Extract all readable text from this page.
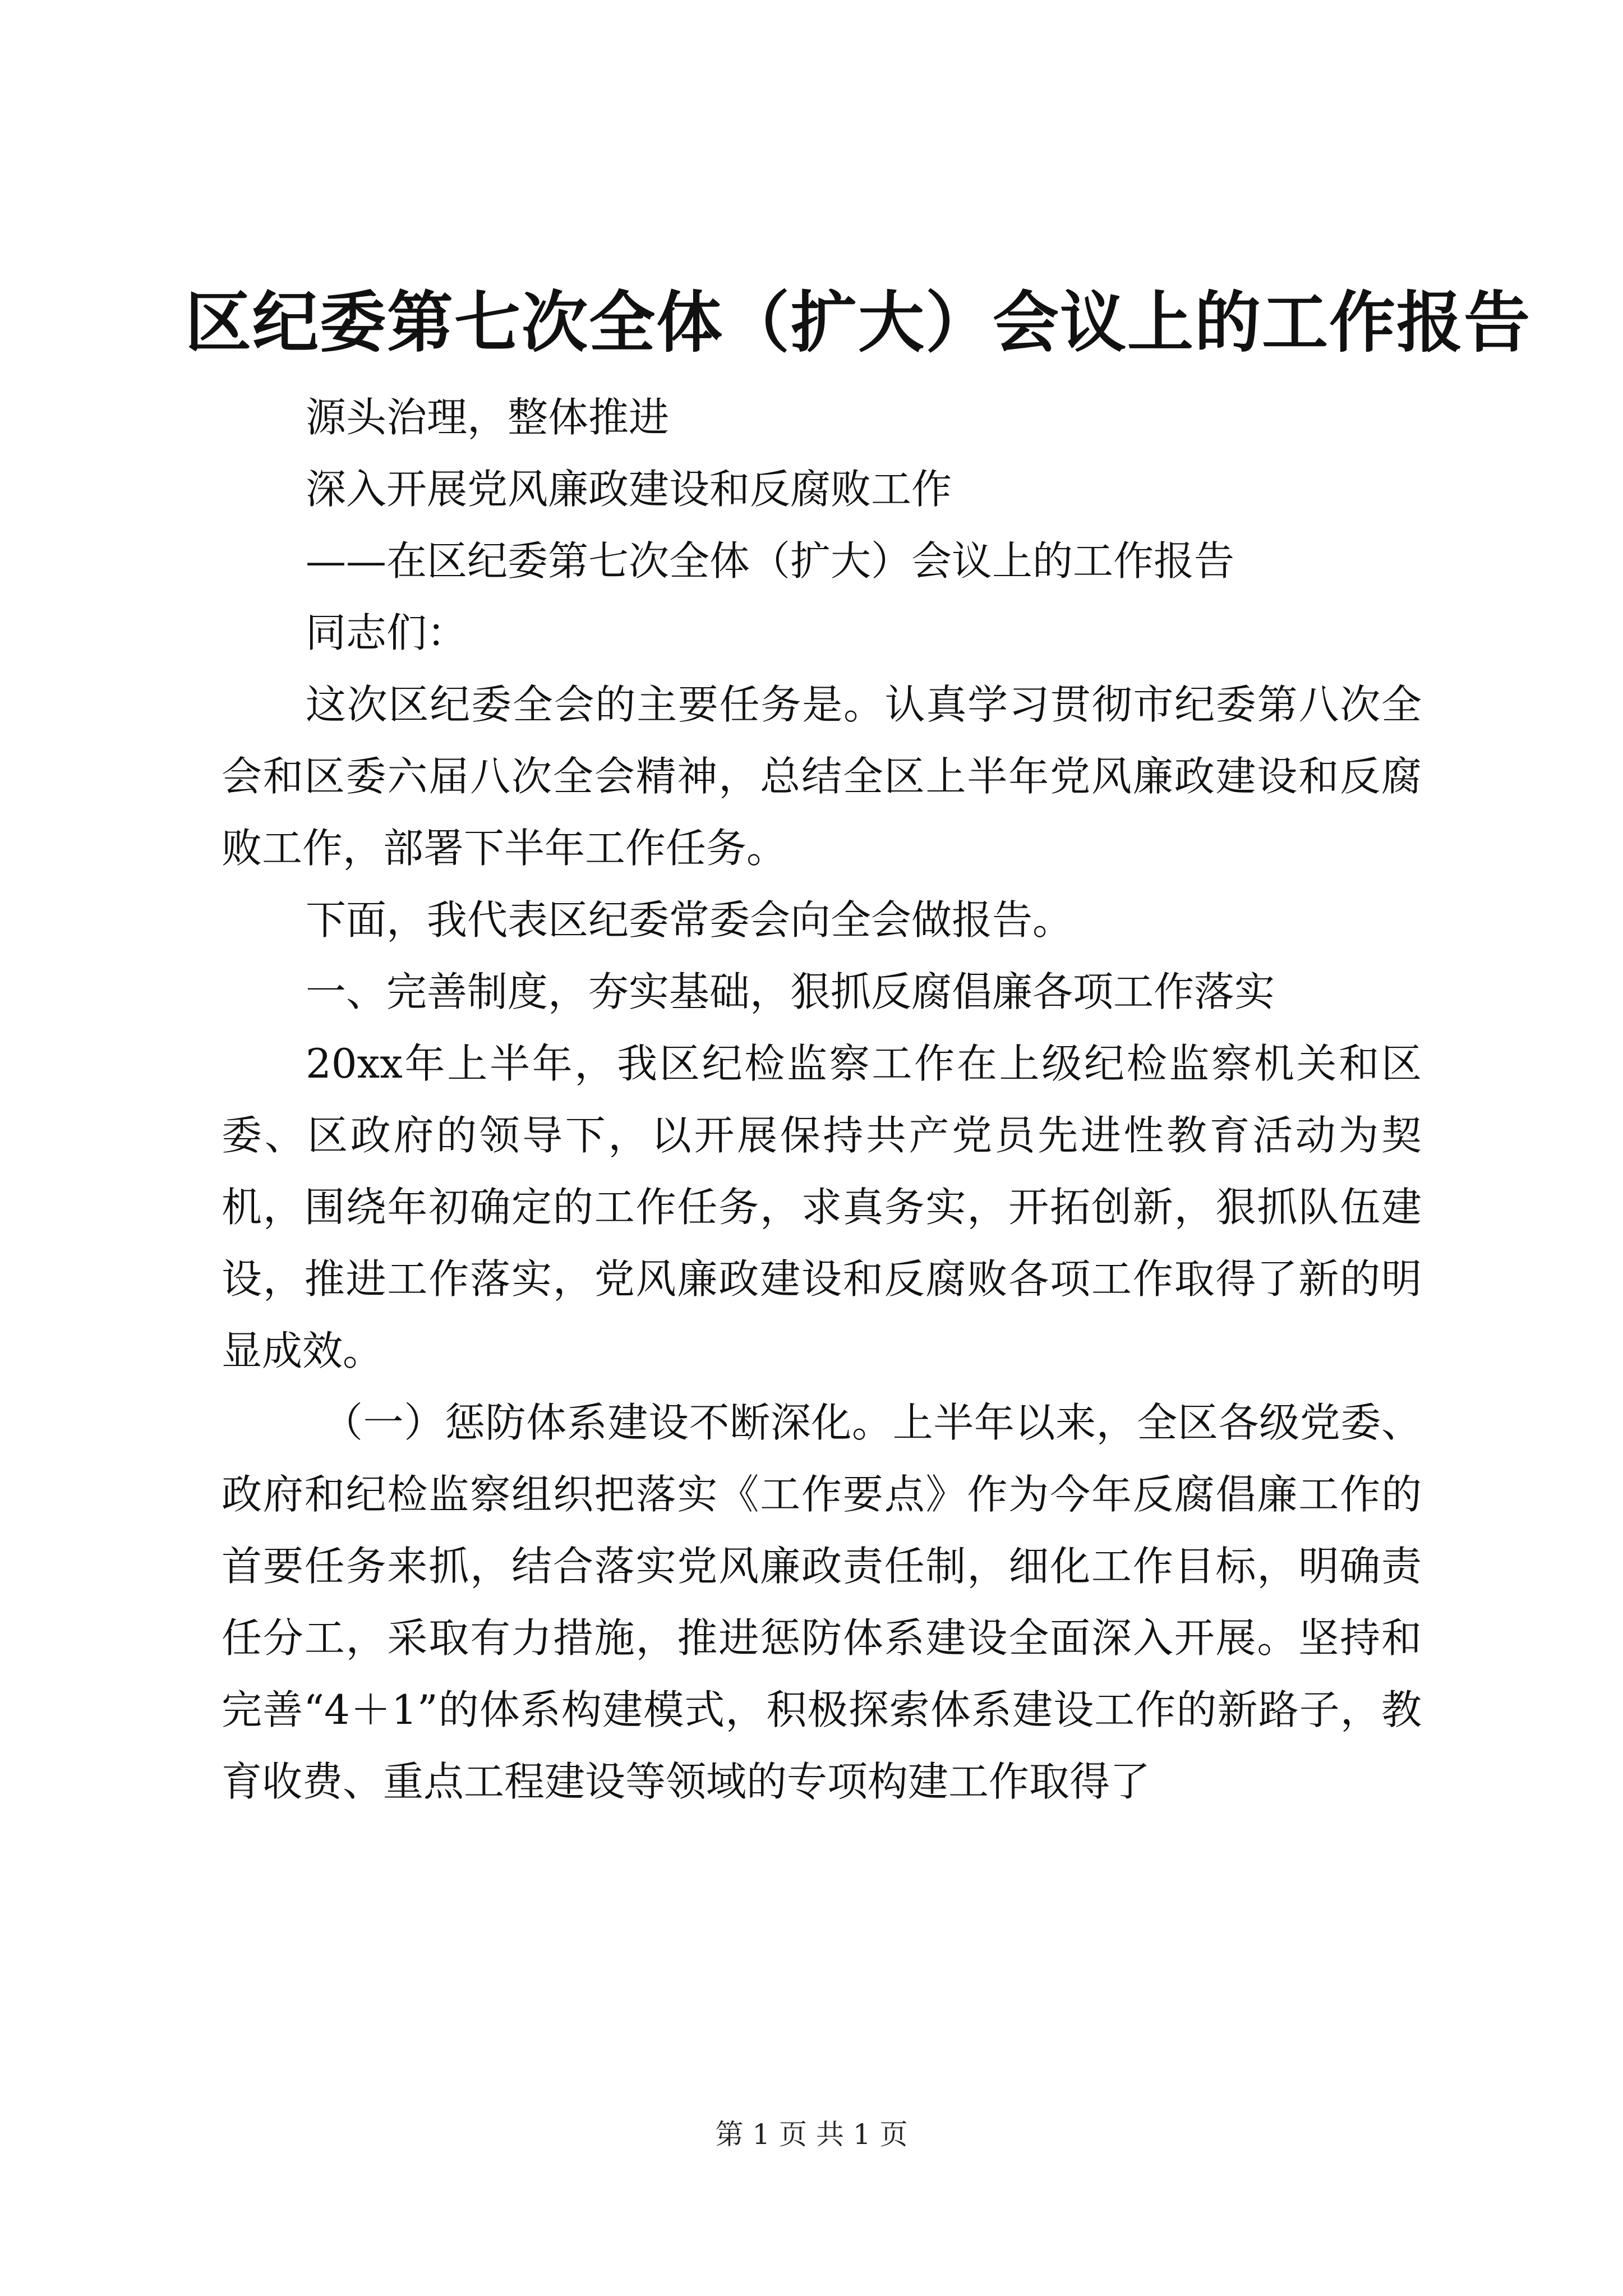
区纪委第七次全体（扩大）会议上的工作报告

源头治理，整体推进

深入开展党风廉政建设和反腐败工作

——在区纪委第七次全体（扩大）会议上的工作报告

同志们：

这次区纪委全会的主要任务是。认真学习贯彻市纪委第八次全会和区委六届八次全会精神，总结全区上半年党风廉政建设和反腐败工作，部署下半年工作任务。

下面，我代表区纪委常委会向全会做报告。

一、完善制度，夯实基础，狠抓反腐倡廉各项工作落实

20xx年上半年，我区纪检监察工作在上级纪检监察机关和区委、区政府的领导下，以开展保持共产党员先进性教育活动为契机，围绕年初确定的工作任务，求真务实，开拓创新，狠抓队伍建设，推进工作落实，党风廉政建设和反腐败各项工作取得了新的明显成效。

（一）惩防体系建设不断深化。上半年以来，全区各级党委、政府和纪检监察组织把落实《工作要点》作为今年反腐倡廉工作的首要任务来抓，结合落实党风廉政责任制，细化工作目标，明确责任分工，采取有力措施，推进惩防体系建设全面深入开展。坚持和完善“4＋1”的体系构建模式，积极探索体系建设工作的新路子，教育收费、重点工程建设等领域的专项构建工作取得了

第 1 页 共 1 页
